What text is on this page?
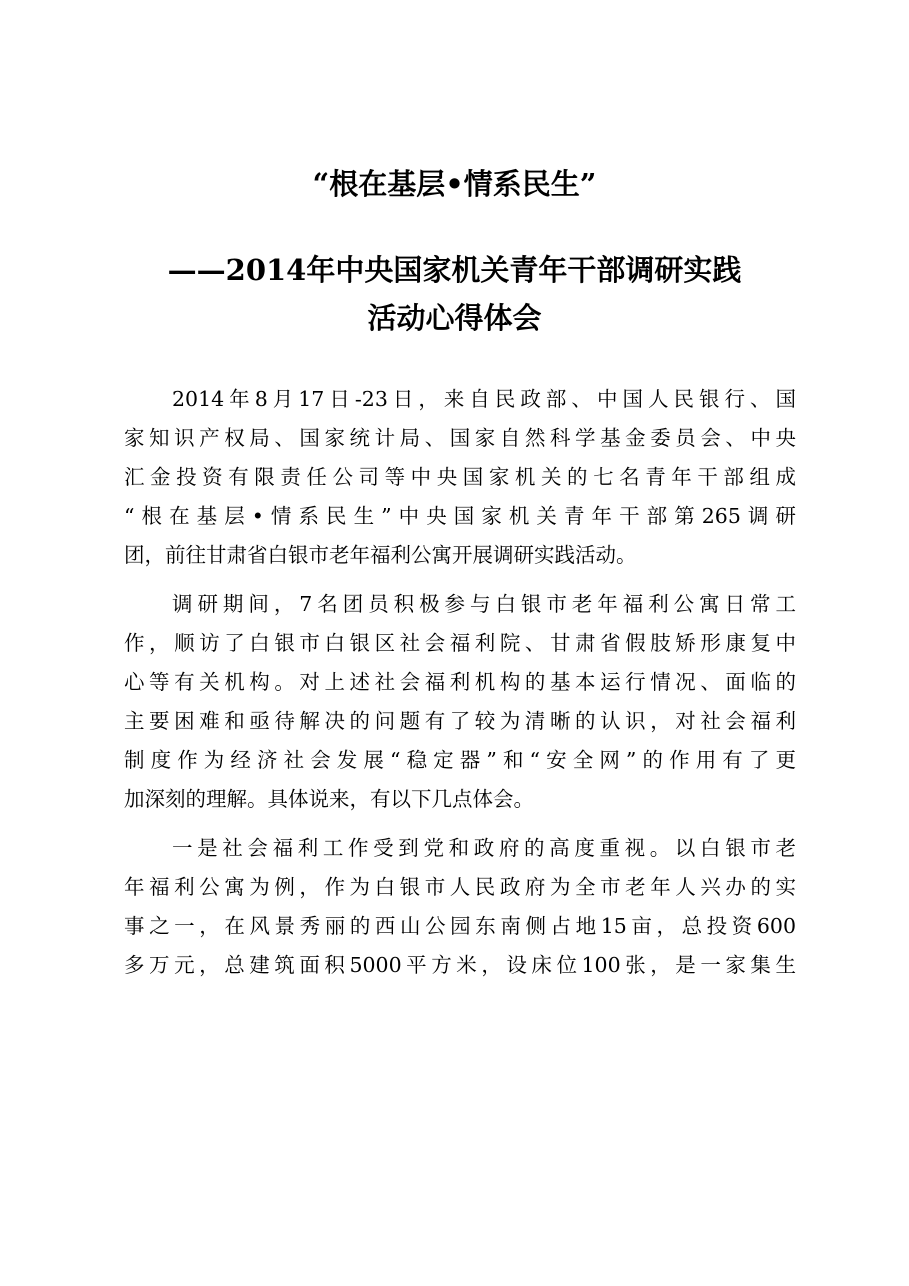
“根在基层•情系民生”
——2014年中央国家机关青年干部调研实践
活动心得体会

2014年8月17日-23日，来自民政部、中国人民银行、国
家知识产权局、国家统计局、国家自然科学基金委员会、中央
汇金投资有限责任公司等中央国家机关的七名青年干部组成
“根在基层•情系民生”中央国家机关青年干部第265调研
团，前往甘肃省白银市老年福利公寓开展调研实践活动。

调研期间，7名团员积极参与白银市老年福利公寓日常工
作，顺访了白银市白银区社会福利院、甘肃省假肢矫形康复中
心等有关机构。对上述社会福利机构的基本运行情况、面临的
主要困难和亟待解决的问题有了较为清晰的认识，对社会福利
制度作为经济社会发展“稳定器”和“安全网”的作用有了更
加深刻的理解。具体说来，有以下几点体会。

一是社会福利工作受到党和政府的高度重视。以白银市老
年福利公寓为例，作为白银市人民政府为全市老年人兴办的实
事之一，在风景秀丽的西山公园东南侧占地15亩，总投资600
多万元，总建筑面积5000平方米，设床位100张，是一家集生
